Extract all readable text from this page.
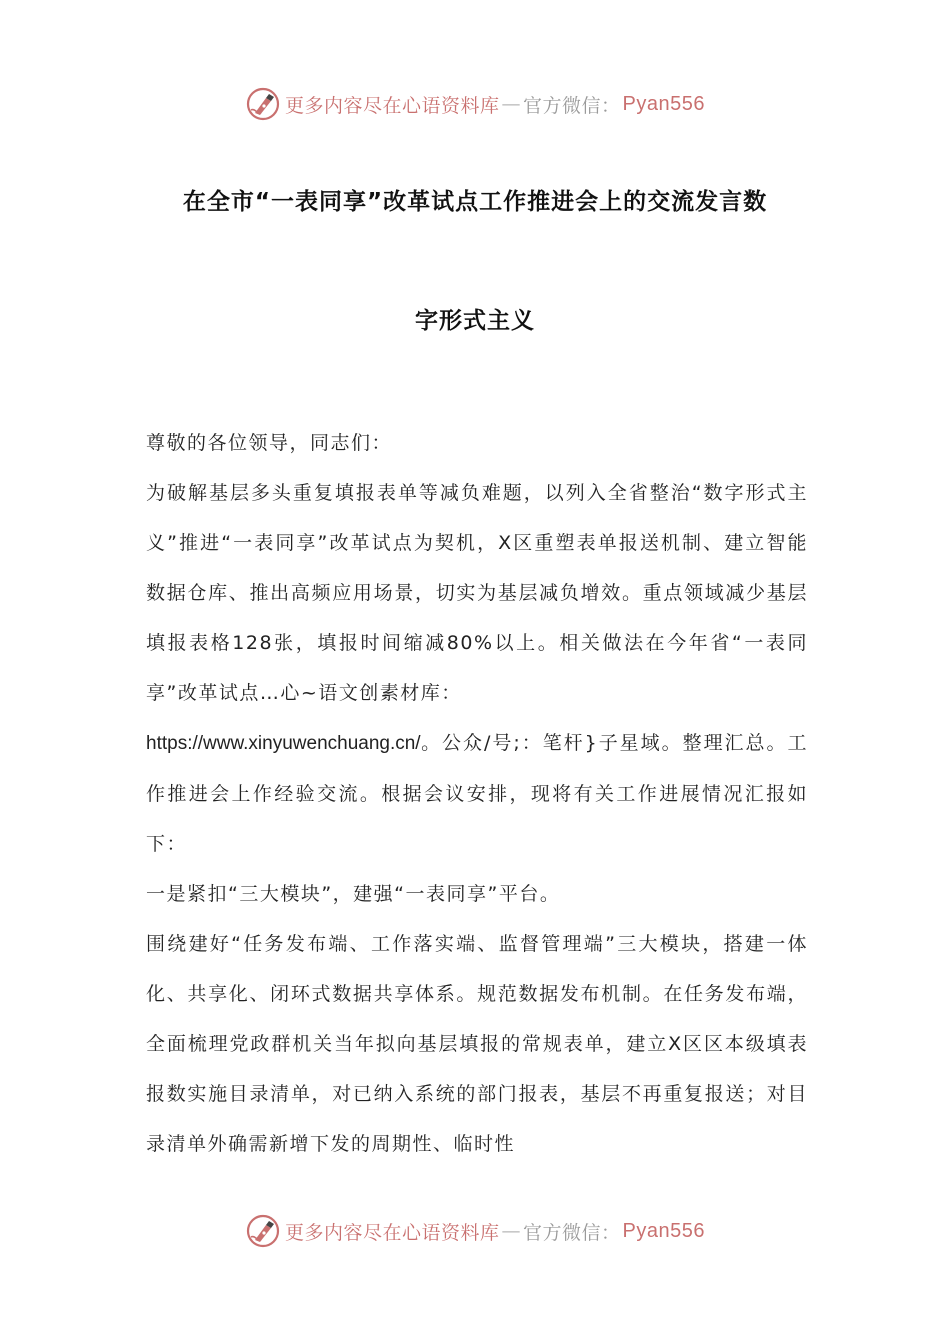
更多内容尽在心语资料库 — 官方微信： Pyan556
在全市“一表同享”改革试点工作推进会上的交流发言数
字形式主义

尊敬的各位领导，同志们：

为破解基层多头重复填报表单等减负难题，以列入全省整治“数字形式主义”推进“一表同享”改革试点为契机，X区重塑表单报送机制、建立智能数据仓库、推出高频应用场景，切实为基层减负增效。重点领域减少基层填报表格128张，填报时间缩减80%以上。相关做法在今年省“一表同享”改革试点…心~语文创素材库：
https://www.xinyuwenchuang.cn/。公众/号;：笔杆}子星域。整理汇总。工作推进会上作经验交流。根据会议安排，现将有关工作进展情况汇报如下：

一是紧扣“三大模块”，建强“一表同享”平台。

围绕建好“任务发布端、工作落实端、监督管理端”三大模块，搭建一体化、共享化、闭环式数据共享体系。规范数据发布机制。在任务发布端，全面梳理党政群机关当年拟向基层填报的常规表单，建立X区区本级填表报数实施目录清单，对已纳入系统的部门报表，基层不再重复报送；对目录清单外确需新增下发的周期性、临时性

更多内容尽在心语资料库 — 官方微信： Pyan556
